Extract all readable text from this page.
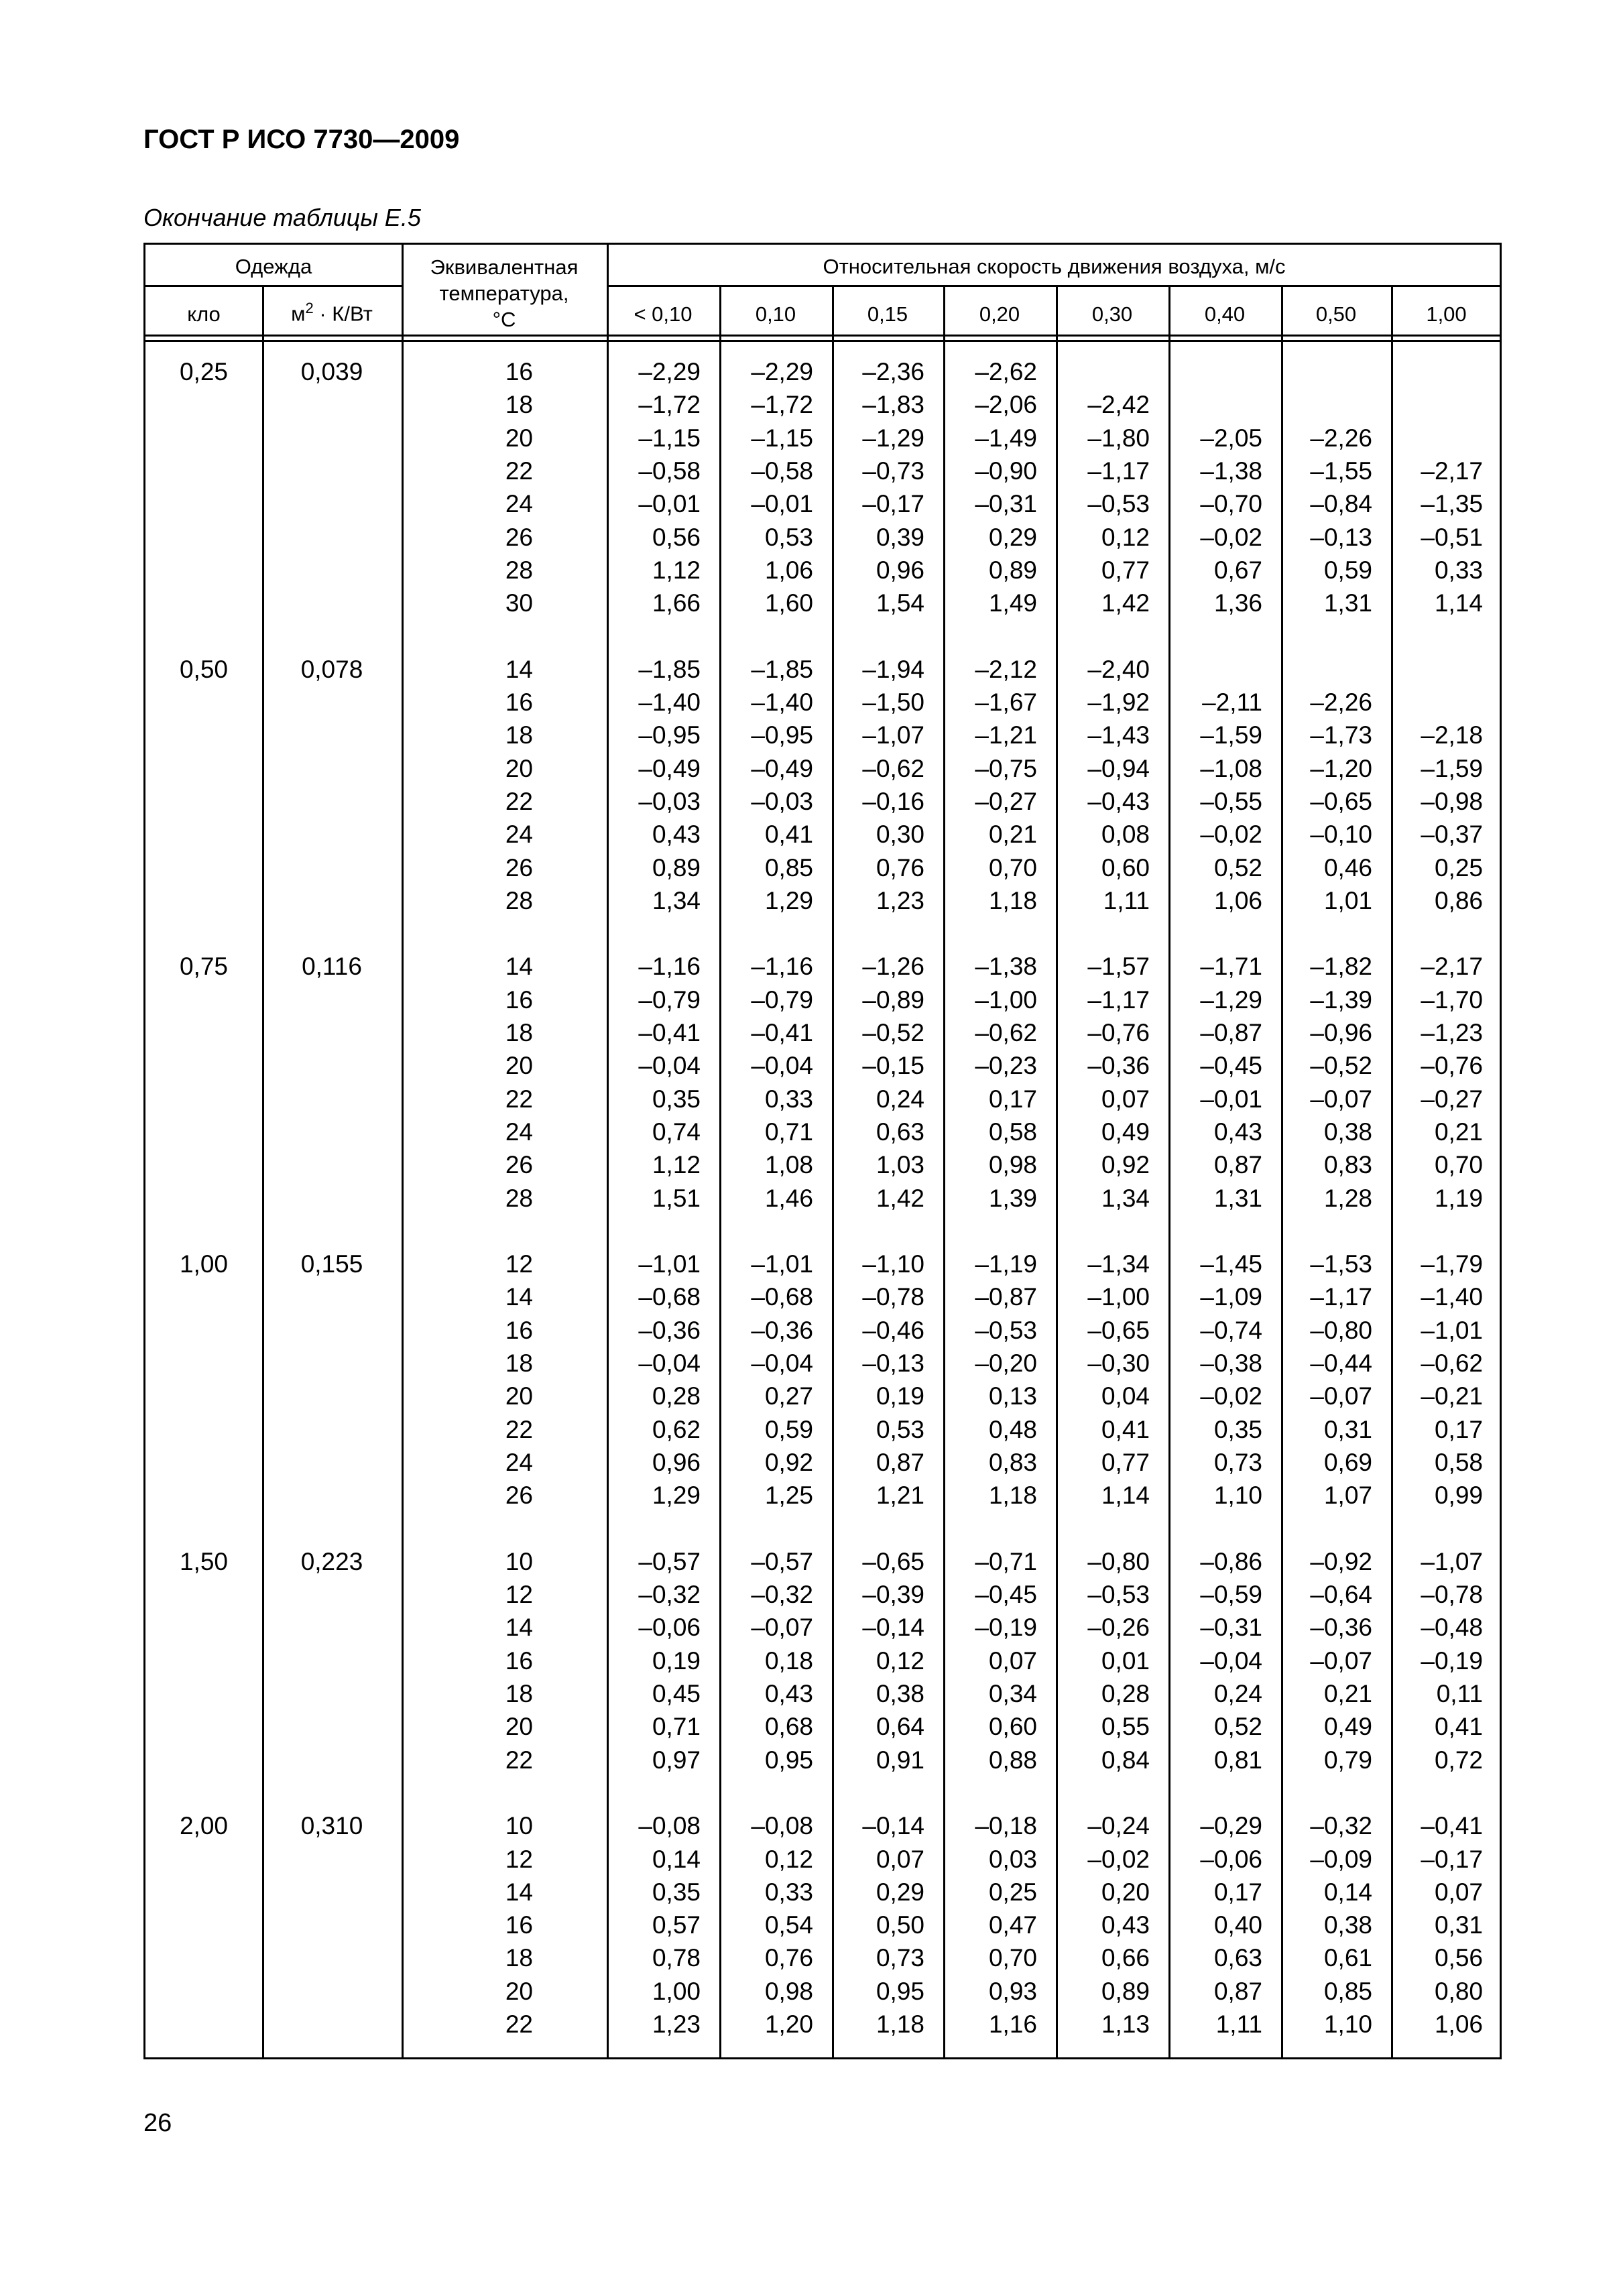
ГОСТ Р ИСО 7730—2009
Окончание таблицы Е.5
Одежда
кло	$м^2 \cdot К/Вт$
Эквивалентная
температура,
°C
Относительная скорость движения воздуха, м/с
< 0,10	0,10	0,15	0,20	0,30	0,40	0,50	1,00
0,25	0,039	16	–2,29	–2,29	–2,36	–2,62
18	–1,72	–1,72	–1,83	–2,06	–2,42
20	–1,15	–1,15	–1,29	–1,49	–1,80	–2,05	–2,26
22	–0,58	–0,58	–0,73	–0,90	–1,17	–1,38	–1,55	–2,17
24	–0,01	–0,01	–0,17	–0,31	–0,53	–0,70	–0,84	–1,35
26	0,56	0,53	0,39	0,29	0,12	–0,02	–0,13	–0,51
28	1,12	1,06	0,96	0,89	0,77	0,67	0,59	0,33
30	1,66	1,60	1,54	1,49	1,42	1,36	1,31	1,14
0,50	0,078	14	–1,85	–1,85	–1,94	–2,12	–2,40
16	–1,40	–1,40	–1,50	–1,67	–1,92	–2,11	–2,26
18	–0,95	–0,95	–1,07	–1,21	–1,43	–1,59	–1,73	–2,18
20	–0,49	–0,49	–0,62	–0,75	–0,94	–1,08	–1,20	–1,59
22	–0,03	–0,03	–0,16	–0,27	–0,43	–0,55	–0,65	–0,98
24	0,43	0,41	0,30	0,21	0,08	–0,02	–0,10	–0,37
26	0,89	0,85	0,76	0,70	0,60	0,52	0,46	0,25
28	1,34	1,29	1,23	1,18	1,11	1,06	1,01	0,86
0,75	0,116	14	–1,16	–1,16	–1,26	–1,38	–1,57	–1,71	–1,82	–2,17
16	–0,79	–0,79	–0,89	–1,00	–1,17	–1,29	–1,39	–1,70
18	–0,41	–0,41	–0,52	–0,62	–0,76	–0,87	–0,96	–1,23
20	–0,04	–0,04	–0,15	–0,23	–0,36	–0,45	–0,52	–0,76
22	0,35	0,33	0,24	0,17	0,07	–0,01	–0,07	–0,27
24	0,74	0,71	0,63	0,58	0,49	0,43	0,38	0,21
26	1,12	1,08	1,03	0,98	0,92	0,87	0,83	0,70
28	1,51	1,46	1,42	1,39	1,34	1,31	1,28	1,19
1,00	0,155	12	–1,01	–1,01	–1,10	–1,19	–1,34	–1,45	–1,53	–1,79
14	–0,68	–0,68	–0,78	–0,87	–1,00	–1,09	–1,17	–1,40
16	–0,36	–0,36	–0,46	–0,53	–0,65	–0,74	–0,80	–1,01
18	–0,04	–0,04	–0,13	–0,20	–0,30	–0,38	–0,44	–0,62
20	0,28	0,27	0,19	0,13	0,04	–0,02	–0,07	–0,21
22	0,62	0,59	0,53	0,48	0,41	0,35	0,31	0,17
24	0,96	0,92	0,87	0,83	0,77	0,73	0,69	0,58
26	1,29	1,25	1,21	1,18	1,14	1,10	1,07	0,99
1,50	0,223	10	–0,57	–0,57	–0,65	–0,71	–0,80	–0,86	–0,92	–1,07
12	–0,32	–0,32	–0,39	–0,45	–0,53	–0,59	–0,64	–0,78
14	–0,06	–0,07	–0,14	–0,19	–0,26	–0,31	–0,36	–0,48
16	0,19	0,18	0,12	0,07	0,01	–0,04	–0,07	–0,19
18	0,45	0,43	0,38	0,34	0,28	0,24	0,21	0,11
20	0,71	0,68	0,64	0,60	0,55	0,52	0,49	0,41
22	0,97	0,95	0,91	0,88	0,84	0,81	0,79	0,72
2,00	0,310	10	–0,08	–0,08	–0,14	–0,18	–0,24	–0,29	–0,32	–0,41
12	0,14	0,12	0,07	0,03	–0,02	–0,06	–0,09	–0,17
14	0,35	0,33	0,29	0,25	0,20	0,17	0,14	0,07
16	0,57	0,54	0,50	0,47	0,43	0,40	0,38	0,31
18	0,78	0,76	0,73	0,70	0,66	0,63	0,61	0,56
20	1,00	0,98	0,95	0,93	0,89	0,87	0,85	0,80
22	1,23	1,20	1,18	1,16	1,13	1,11	1,10	1,06
26
